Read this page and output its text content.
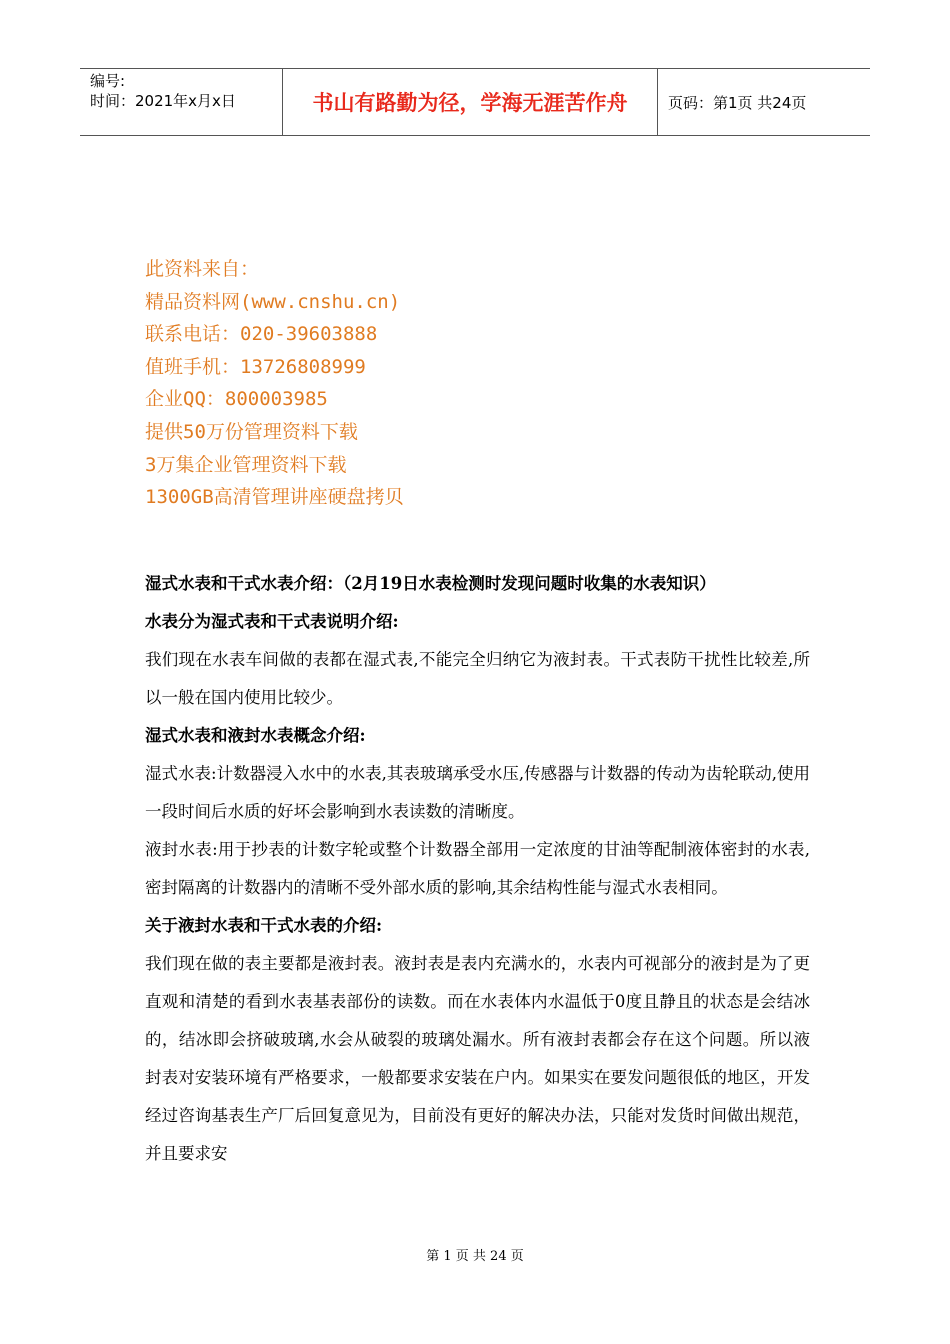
编号:
时间：2021年x月x日	书山有路勤为径，学海无涯苦作舟	页码：第1页 共24页
此资料来自：
精品资料网(www.cnshu.cn)
联系电话：020-39603888
值班手机：13726808999
企业QQ：800003985
提供50万份管理资料下载
3万集企业管理资料下载
1300GB高清管理讲座硬盘拷贝

湿式水表和干式水表介绍：（2月19日水表检测时发现问题时收集的水表知识）

水表分为湿式表和干式表说明介绍:

我们现在水表车间做的表都在湿式表,不能完全归纳它为液封表。干式表防干扰性比较差,所以一般在国内使用比较少。

湿式水表和液封水表概念介绍:

湿式水表:计数器浸入水中的水表,其表玻璃承受水压,传感器与计数器的传动为齿轮联动,使用一段时间后水质的好坏会影响到水表读数的清晰度。

液封水表:用于抄表的计数字轮或整个计数器全部用一定浓度的甘油等配制液体密封的水表,密封隔离的计数器内的清晰不受外部水质的影响,其余结构性能与湿式水表相同。

关于液封水表和干式水表的介绍:

我们现在做的表主要都是液封表。液封表是表内充满水的，水表内可视部分的液封是为了更直观和清楚的看到水表基表部份的读数。而在水表体内水温低于0度且静且的状态是会结冰的，结冰即会挤破玻璃,水会从破裂的玻璃处漏水。所有液封表都会存在这个问题。所以液封表对安装环境有严格要求，一般都要求安装在户内。如果实在要发问题很低的地区，开发经过咨询基表生产厂后回复意见为，目前没有更好的解决办法，只能对发货时间做出规范，并且要求安

第 1 页 共 24 页
